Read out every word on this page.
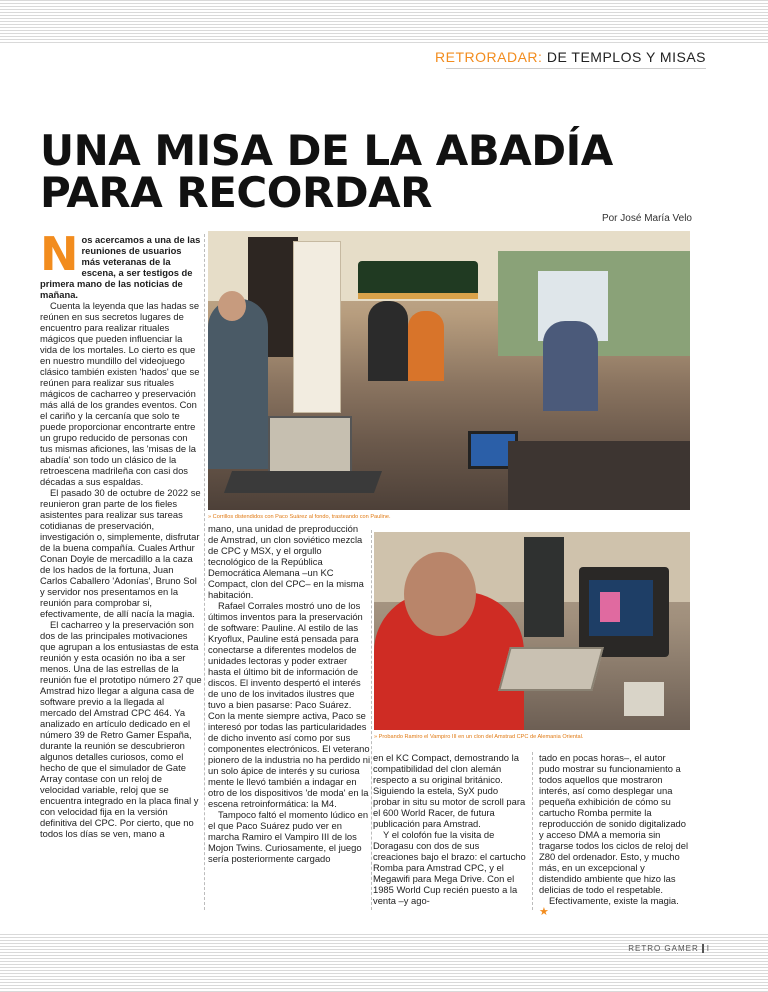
RETRORADAR: DE TEMPLOS Y MISAS
UNA MISA DE LA ABADÍA
PARA RECORDAR
Por José María Velo

Nos acercamos a una de las reuniones de usuarios más veteranas de la escena, a ser testigos de primera mano de las noticias de mañana.

Cuenta la leyenda que las hadas se reúnen en sus secretos lugares de encuentro para realizar rituales mágicos que pueden influenciar la vida de los mortales. Lo cierto es que en nuestro mundillo del videojuego clásico también existen 'hados' que se reúnen para realizar sus rituales mágicos de cacharreo y preservación más allá de los grandes eventos. Con el cariño y la cercanía que solo te puede proporcionar encontrarte entre un grupo reducido de personas con tus mismas aficiones, las 'misas de la abadía' son todo un clásico de la retroescena madrileña con casi dos décadas a sus espaldas.

El pasado 30 de octubre de 2022 se reunieron gran parte de los fieles asistentes para realizar sus tareas cotidianas de preservación, investigación o, simplemente, disfrutar de la buena compañía. Cuales Arthur Conan Doyle de mercadillo a la caza de los hados de la fortuna, Juan Carlos Caballero 'Adonías', Bruno Sol y servidor nos presentamos en la reunión para comprobar si, efectivamente, de allí nacía la magia.

El cacharreo y la preservación son dos de las principales motivaciones que agrupan a los entusiastas de esta reunión y esta ocasión no iba a ser menos. Una de las estrellas de la reunión fue el prototipo número 27 que Amstrad hizo llegar a alguna casa de software previo a la llegada al mercado del Amstrad CPC 464. Ya analizado en artículo dedicado en el número 39 de Retro Gamer España, durante la reunión se descubrieron algunos detalles curiosos, como el hecho de que el simulador de Gate Array contase con un reloj de velocidad variable, reloj que se encuentra integrado en la placa final y con velocidad fija en la versión definitiva del CPC. Por cierto, que no todos los días se ven, mano a

» Corrillos distendidos con Paco Suárez al fondo, trasteando con Pauline.

mano, una unidad de preproducción de Amstrad, un clon soviético mezcla de CPC y MSX, y el orgullo tecnológico de la República Democrática Alemana –un KC Compact, clon del CPC– en la misma habitación.

Rafael Corrales mostró uno de los últimos inventos para la preservación de software: Pauline. Al estilo de las Kryoflux, Pauline está pensada para conectarse a diferentes modelos de unidades lectoras y poder extraer hasta el último bit de información de discos. El invento despertó el interés de uno de los invitados ilustres que tuvo a bien pasarse: Paco Suárez. Con la mente siempre activa, Paco se interesó por todas las particularidades de dicho invento así como por sus componentes electrónicos. El veterano pionero de la industria no ha perdido ni un solo ápice de interés y su curiosa mente le llevó también a indagar en otro de los dispositivos 'de moda' en la escena retroinformática: la M4.

Tampoco faltó el momento lúdico en el que Paco Suárez pudo ver en marcha Ramiro el Vampiro III de los Mojon Twins. Curiosamente, el juego sería posteriormente cargado

» Probando Ramiro el Vampiro III en un clon del Amstrad CPC de Alemania Oriental.

en el KC Compact, demostrando la compatibilidad del clon alemán respecto a su original británico. Siguiendo la estela, SyX pudo probar in situ su motor de scroll para el 600 World Racer, de futura publicación para Amstrad.

Y el colofón fue la visita de Doragasu con dos de sus creaciones bajo el brazo: el cartucho Romba para Amstrad CPC, y el Megawifi para Mega Drive. Con el 1985 World Cup recién puesto a la venta –y ago-

tado en pocas horas–, el autor pudo mostrar su funcionamiento a todos aquellos que mostraron interés, así como desplegar una pequeña exhibición de cómo su cartucho Romba permite la reproducción de sonido digitalizado y acceso DMA a memoria sin tragarse todos los ciclos de reloj del Z80 del ordenador. Esto, y mucho más, en un excepcional y distendido ambiente que hizo las delicias de todo el respetable.

Efectivamente, existe la magia. ★

RETRO GAMER I
